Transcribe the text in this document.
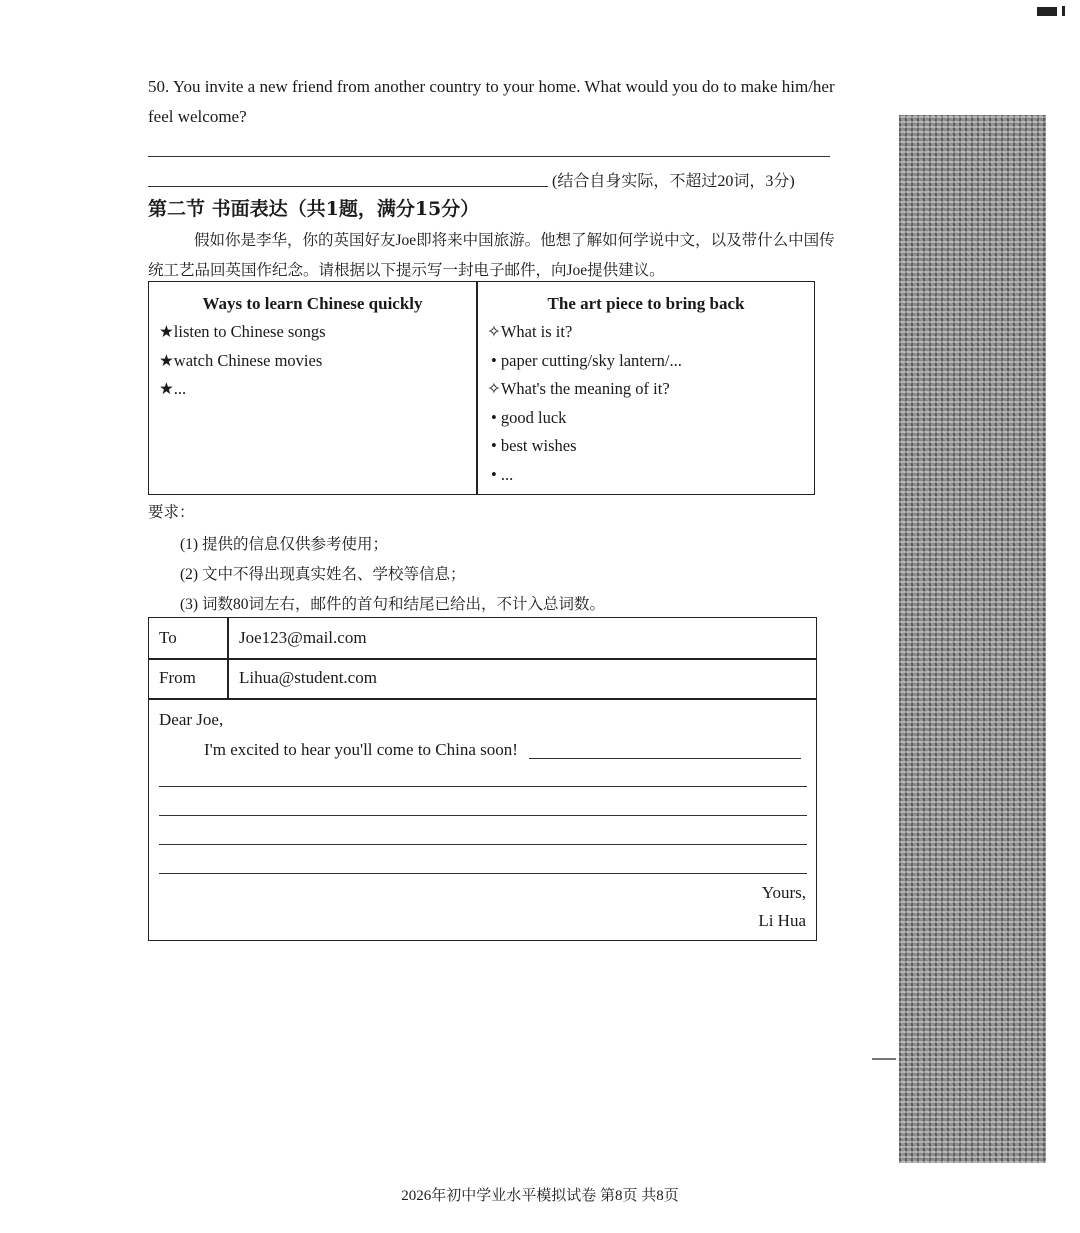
50. You invite a new friend from another country to your home. What would you do to make him/her feel welcome?
(结合自身实际，不超过20词，3分)
第二节 书面表达（共1题，满分15分）
假如你是李华，你的英国好友Joe即将来中国旅游。他想了解如何学说中文，以及带什么中国传统工艺品回英国作纪念。请根据以下提示写一封电子邮件，向Joe提供建议。
Ways to learn Chinese quickly
★listen to Chinese songs
★watch Chinese movies
★...
The art piece to bring back
✧What is it?
• paper cutting/sky lantern/...
✧What's the meaning of it?
• good luck
• best wishes
• ...
要求：
(1) 提供的信息仅供参考使用；
(2) 文中不得出现真实姓名、学校等信息；
(3) 词数80词左右，邮件的首句和结尾已给出，不计入总词数。
To	Joe123@mail.com
From	Lihua@student.com
Dear Joe,
I'm excited to hear you'll come to China soon!
Yours,
Li Hua
2026年初中学业水平模拟试卷 第8页 共8页
